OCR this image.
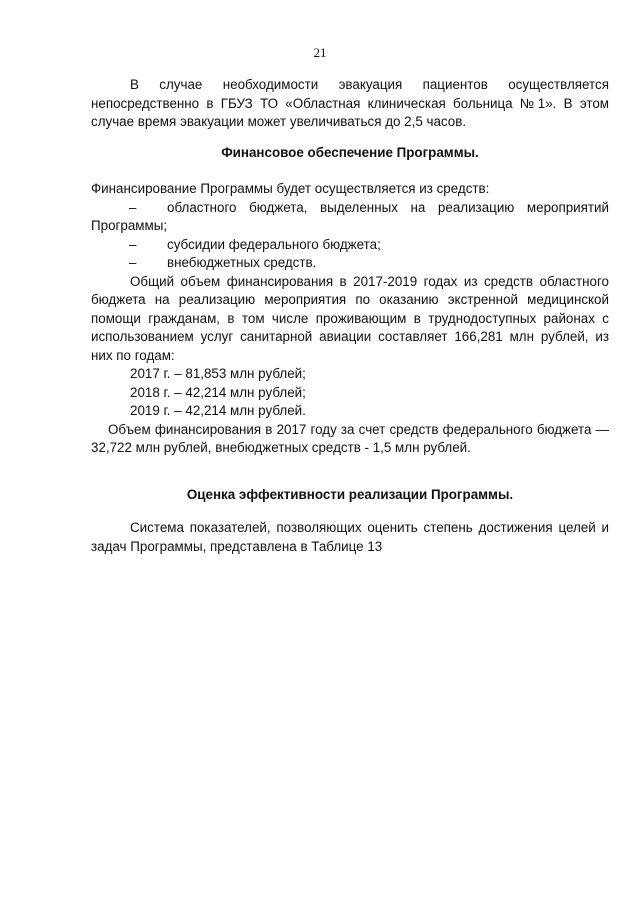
21
В случае необходимости эвакуация пациентов осуществляется непосредственно в ГБУЗ ТО «Областная клиническая больница №1». В этом случае время эвакуации может увеличиваться до 2,5 часов.
Финансовое обеспечение Программы.

Финансирование Программы будет осуществляется из средств:

–	областного бюджета, выделенных на реализацию мероприятий Программы;

–	субсидии федерального бюджета;
–	внебюджетных средств.

Общий объем финансирования в 2017-2019 годах из средств областного бюджета на реализацию мероприятия по оказанию экстренной медицинской помощи гражданам, в том числе проживающим в труднодоступных районах с использованием услуг санитарной авиации составляет 166,281 млн рублей, из них по годам:

2017 г. – 81,853 млн рублей;

2018 г. – 42,214 млн рублей;

2019 г. – 42,214 млн рублей.

Объем финансирования в 2017 году за счет средств федерального бюджета — 32,722 млн рублей, внебюджетных средств - 1,5 млн рублей.

Оценка эффективности реализации Программы.
Система показателей, позволяющих оценить степень достижения целей и задач Программы, представлена в Таблице 13
